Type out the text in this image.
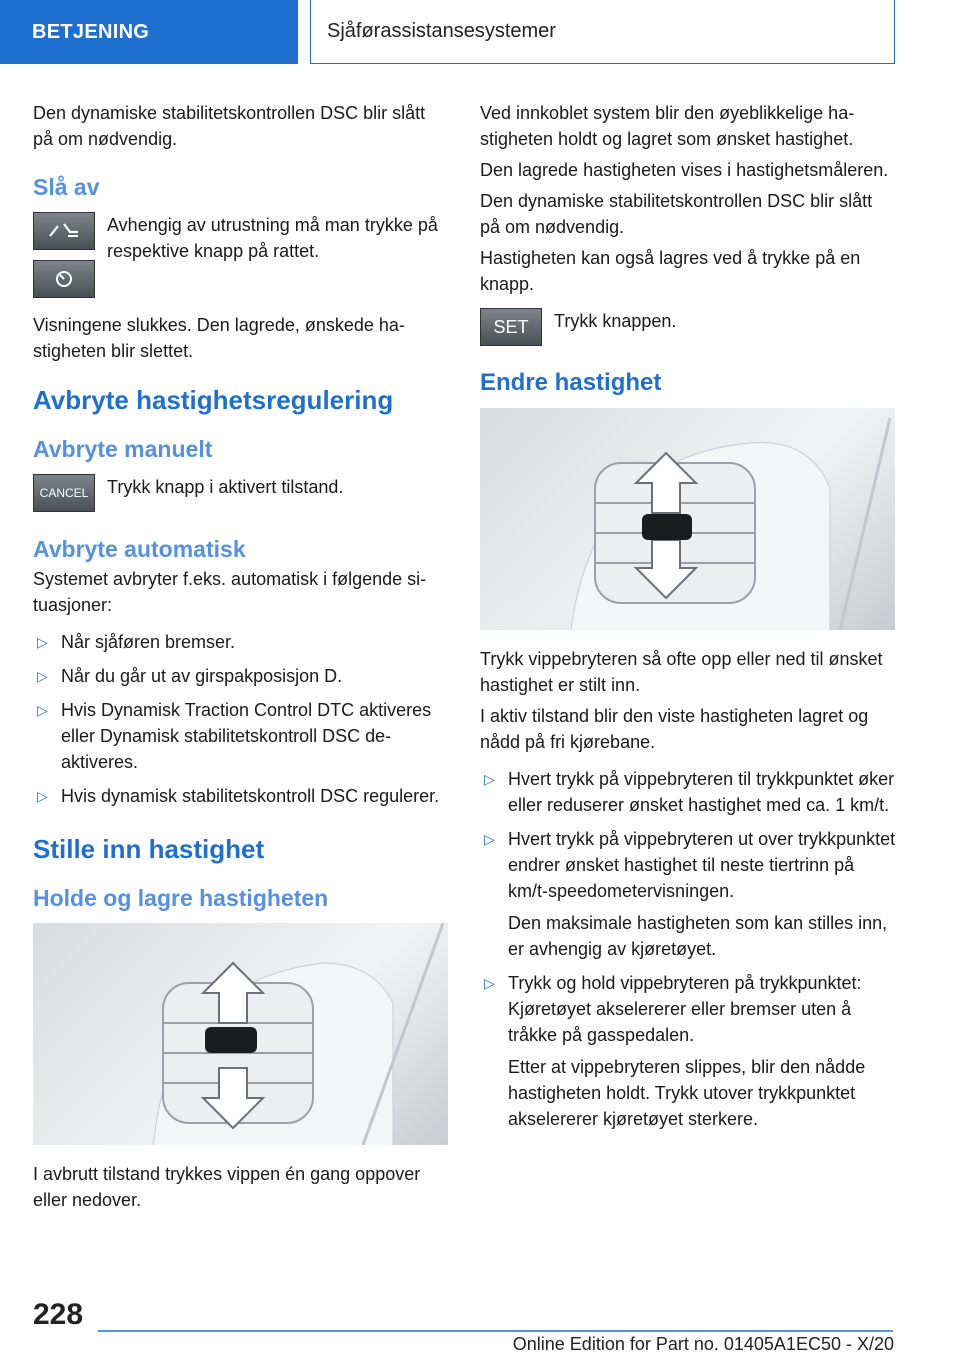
BETJENING	Sjåførassistansesystemer

Den dynamiske stabilitetskontrollen DSC blir slått på om nødvendig.

Slå av
Avhengig av utrustning må man trykke på respektive knapp på rattet.

Visningene slukkes. Den lagrede, ønskede hastigheten blir slettet.

Avbryte hastighetsregulering
Avbryte manuelt
CANCEL Trykk knapp i aktivert tilstand.
Avbryte automatisk

Systemet avbryter f.eks. automatisk i følgende situasjoner:

▷ Når sjåføren bremser.
▷ Når du går ut av girspakposisjon D.
▷ Hvis Dynamisk Traction Control DTC aktiveres eller Dynamisk stabilitetskontroll DSC deaktiveres.
▷ Hvis dynamisk stabilitetskontroll DSC regulerer.
Stille inn hastighet
Holde og lagre hastigheten

I avbrutt tilstand trykkes vippen én gang oppover eller nedover.

Ved innkoblet system blir den øyeblikkelige hastigheten holdt og lagret som ønsket hastighet.

Den lagrede hastigheten vises i hastighetsmåleren.

Den dynamiske stabilitetskontrollen DSC blir slått på om nødvendig.

Hastigheten kan også lagres ved å trykke på en knapp.

SET Trykk knappen.
Endre hastighet

Trykk vippebryteren så ofte opp eller ned til ønsket hastighet er stilt inn.

I aktiv tilstand blir den viste hastigheten lagret og nådd på fri kjørebane.

▷ Hvert trykk på vippebryteren til trykkpunktet øker eller reduserer ønsket hastighet med ca. 1 km/t.
▷ Hvert trykk på vippebryteren ut over trykkpunktet endrer ønsket hastighet til neste tiertrinn på km/t-speedometervisningen.

Den maksimale hastigheten som kan stilles inn, er avhengig av kjøretøyet.

▷ Trykk og hold vippebryteren på trykkpunktet: Kjøretøyet akselererer eller bremser uten å tråkke på gasspedalen.

Etter at vippebryteren slippes, blir den nådde hastigheten holdt. Trykk utover trykkpunktet akselererer kjøretøyet sterkere.

228
Online Edition for Part no. 01405A1EC50 - X/20
